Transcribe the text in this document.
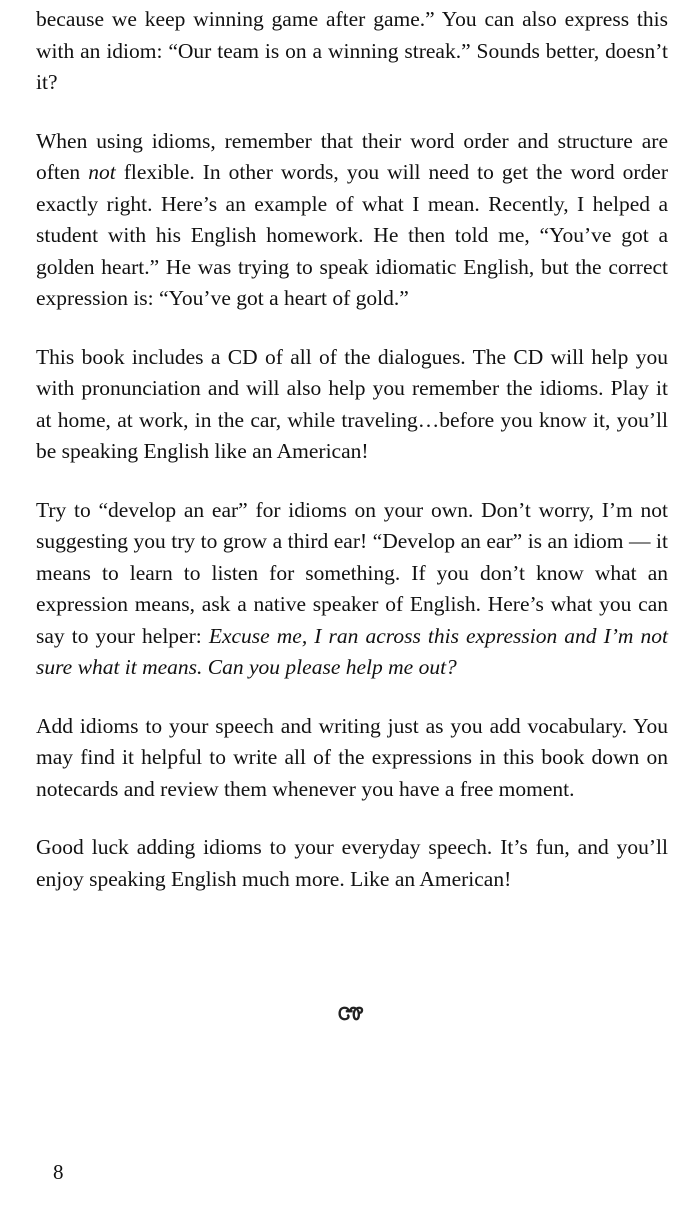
because we keep winning game after game.” You can also express this with an idiom: “Our team is on a winning streak.” Sounds better, doesn’t it?

When using idioms, remember that their word order and structure are often not flexible. In other words, you will need to get the word order exactly right. Here’s an example of what I mean. Recently, I helped a student with his English homework. He then told me, “You’ve got a golden heart.” He was trying to speak idiomatic English, but the correct expression is: “You’ve got a heart of gold.”

This book includes a CD of all of the dialogues. The CD will help you with pronunciation and will also help you remember the idioms. Play it at home, at work, in the car, while traveling…before you know it, you’ll be speaking English like an American!

Try to “develop an ear” for idioms on your own. Don’t worry, I’m not suggesting you try to grow a third ear! “Develop an ear” is an idiom — it means to learn to listen for something. If you don’t know what an expression means, ask a native speaker of English. Here’s what you can say to your helper: Excuse me, I ran across this expression and I’m not sure what it means. Can you please help me out?

Add idioms to your speech and writing just as you add vocabulary. You may find it helpful to write all of the expressions in this book down on notecards and review them whenever you have a free moment.

Good luck adding idioms to your everyday speech. It’s fun, and you’ll enjoy speaking English much more. Like an American!

ᏣᏡ
8
